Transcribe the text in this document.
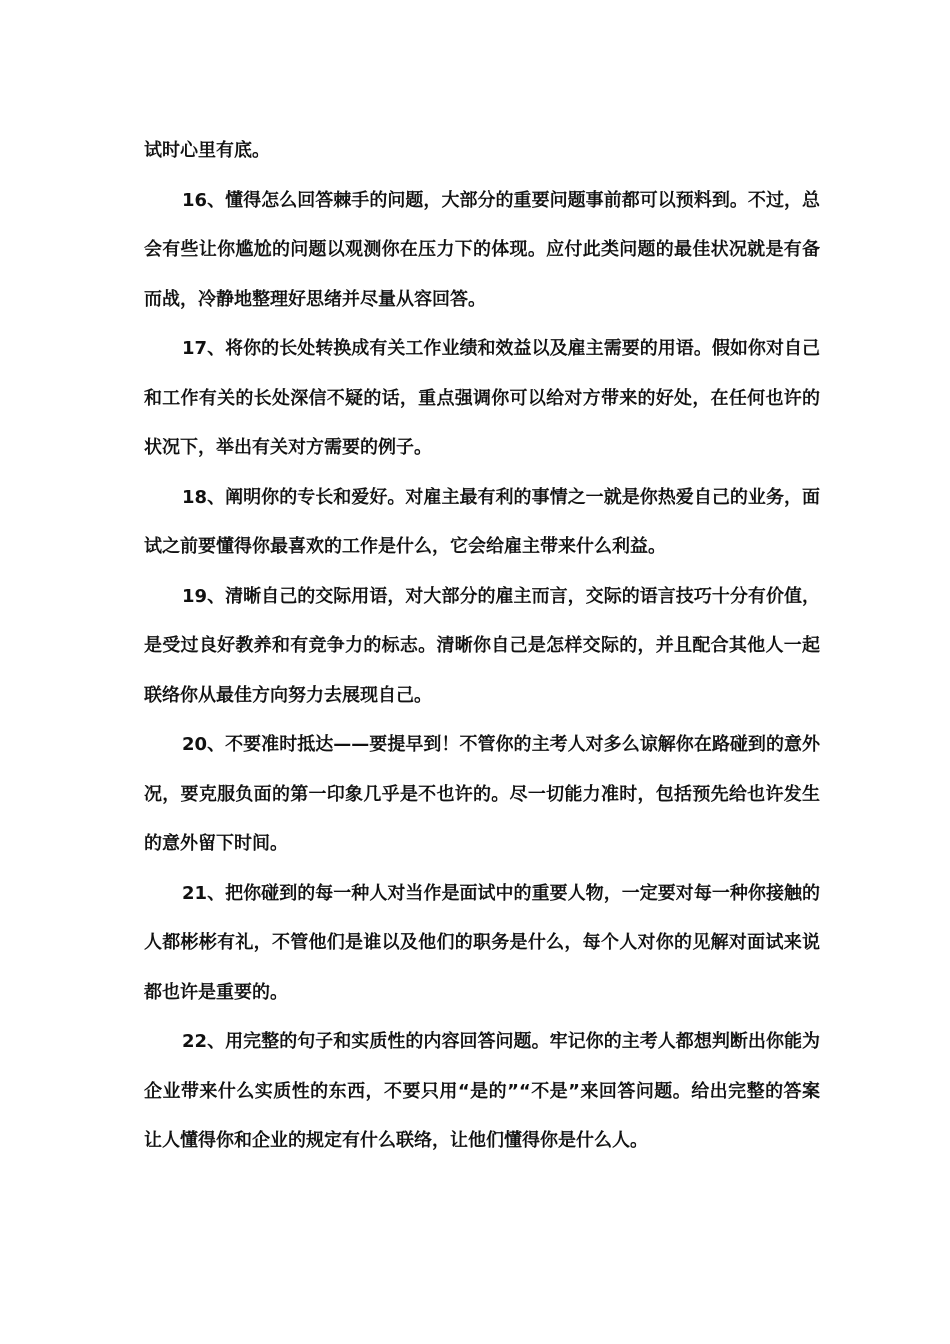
试时心里有底。

16、懂得怎么回答棘手的问题，大部分的重要问题事前都可以预料到。不过，总会有些让你尴尬的问题以观测你在压力下的体现。应付此类问题的最佳状况就是有备而战，冷静地整理好思绪并尽量从容回答。

17、将你的长处转换成有关工作业绩和效益以及雇主需要的用语。假如你对自己和工作有关的长处深信不疑的话，重点强调你可以给对方带来的好处，在任何也许的状况下，举出有关对方需要的例子。

18、阐明你的专长和爱好。对雇主最有利的事情之一就是你热爱自己的业务，面试之前要懂得你最喜欢的工作是什么，它会给雇主带来什么利益。

19、清晰自己的交际用语，对大部分的雇主而言，交际的语言技巧十分有价值，是受过良好教养和有竞争力的标志。清晰你自己是怎样交际的，并且配合其他人一起联络你从最佳方向努力去展现自己。

20、不要准时抵达——要提早到！不管你的主考人对多么谅解你在路碰到的意外况，要克服负面的第一印象几乎是不也许的。尽一切能力准时，包括预先给也许发生的意外留下时间。

21、把你碰到的每一种人对当作是面试中的重要人物，一定要对每一种你接触的人都彬彬有礼，不管他们是谁以及他们的职务是什么，每个人对你的见解对面试来说都也许是重要的。

22、用完整的句子和实质性的内容回答问题。牢记你的主考人都想判断出你能为企业带来什么实质性的东西，不要只用“是的”“不是”来回答问题。给出完整的答案让人懂得你和企业的规定有什么联络，让他们懂得你是什么人。
